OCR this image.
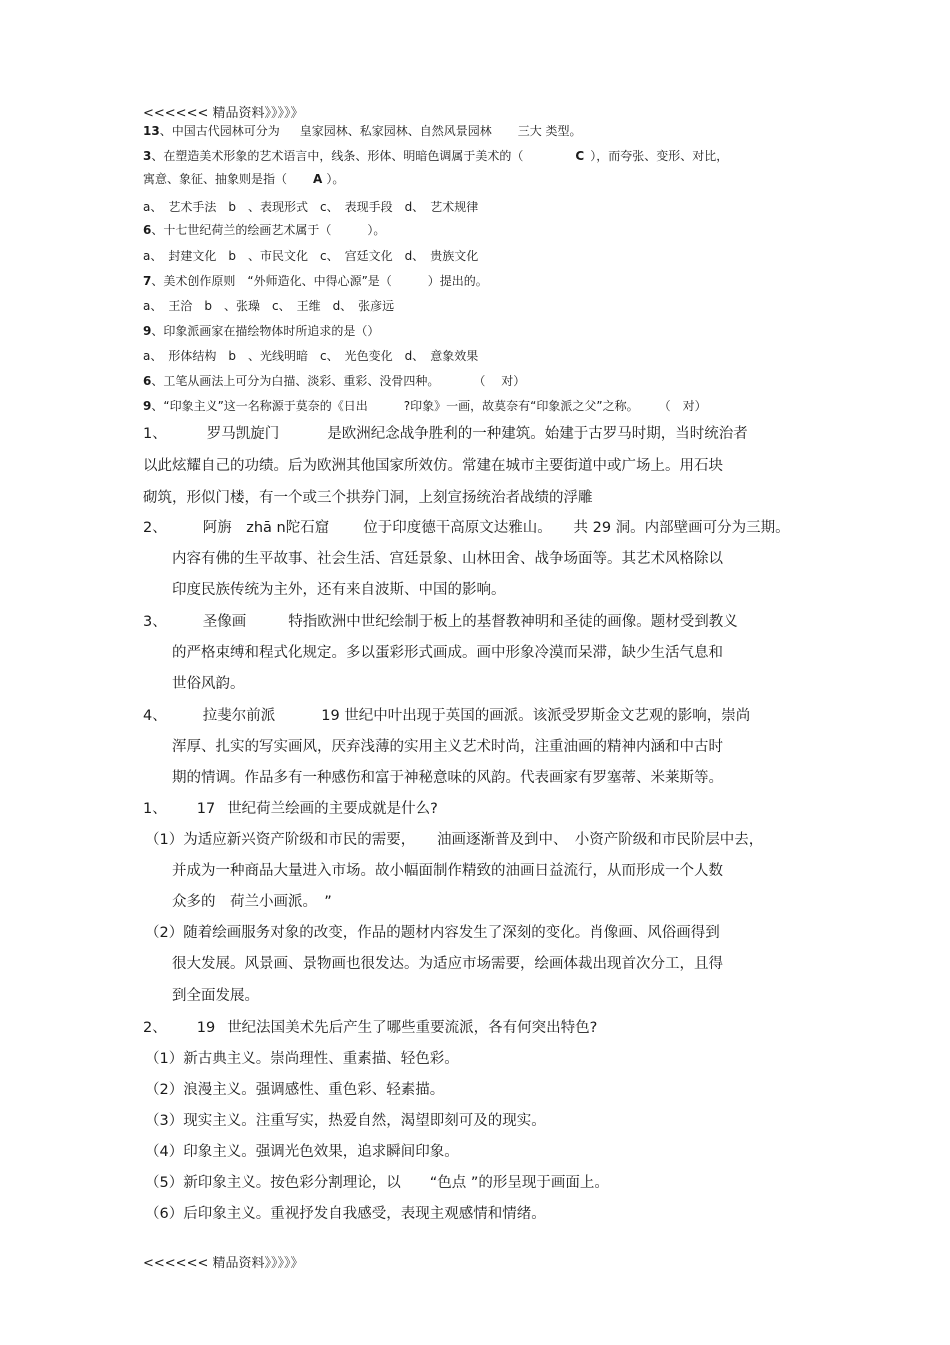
<<<<<< 精品资料》》》》》
13、中国古代园林可分为 皇家园林、私家园林、自然风景园林 三大 类型。
3、在塑造美术形象的艺术语言中，线条、形体、明暗色调属于美术的（	C ），而夸张、变形、对比，
寓意、象征、抽象则是指（ A ）。
a、　艺术手法　b　、表现形式　c、　表现手段　d、　艺术规律
6、十七世纪荷兰的绘画艺术属于（　　　）。
a、　封建文化　b　、市民文化　c、　宫廷文化　d、　贵族文化
7、美术创作原则　“外师造化、中得心源”是（　　　）提出的。
a、　王洽　b　、张璪　c、　王维　d、　张彦远
9、印象派画家在描绘物体时所追求的是（）
a、　形体结构　b　、光线明暗　c、　光色变化　d、　意象效果
6、工笔从画法上可分为白描、淡彩、重彩、没骨四种。	（　 对）
9、“印象主义”这一名称源于莫奈的《日出　　　?印象》一画，故莫奈有“印象派之父”之称。 （　对）
1、	罗马凯旋门	是欧洲纪念战争胜利的一种建筑。始建于古罗马时期，当时统治者
以此炫耀自己的功绩。后为欧洲其他国家所效仿。常建在城市主要街道中或广场上。用石块
砌筑，形似门楼，有一个或三个拱券门洞，上刻宣扬统治者战绩的浮雕
2、 阿旃　zhā n陀石窟 位于印度德干高原文达雅山。　　共 29 洞。内部壁画可分为三期。
内容有佛的生平故事、社会生活、宫廷景象、山林田舍、战争场面等。其艺术风格除以
印度民族传统为主外，还有来自波斯、中国的影响。
3、 圣像画	特指欧洲中世纪绘制于板上的基督教神明和圣徒的画像。题材受到教义
的严格束缚和程式化规定。多以蛋彩形式画成。画中形象冷漠而呆滞，缺少生活气息和
世俗风韵。
4、 拉斐尔前派	19 世纪中叶出现于英国的画派。该派受罗斯金文艺观的影响，崇尚
浑厚、扎实的写实画风，厌弃浅薄的实用主义艺术时尚，注重油画的精神内涵和中古时
期的情调。作品多有一种感伤和富于神秘意味的风韵。代表画家有罗塞蒂、米莱斯等。
1、 17 世纪荷兰绘画的主要成就是什么?
（1）为适应新兴资产阶级和市民的需要，　　油画逐渐普及到中、　小资产阶级和市民阶层中去，
并成为一种商品大量进入市场。故小幅面制作精致的油画日益流行，从而形成一个人数
众多的　荷兰小画派。　”
（2）随着绘画服务对象的改变，作品的题材内容发生了深刻的变化。肖像画、风俗画得到
很大发展。风景画、景物画也很发达。为适应市场需要，绘画体裁出现首次分工，且得
到全面发展。
2、 19 世纪法国美术先后产生了哪些重要流派，各有何突出特色?
（1）新古典主义。崇尚理性、重素描、轻色彩。
（2）浪漫主义。强调感性、重色彩、轻素描。
（3）现实主义。注重写实，热爱自然，渴望即刻可及的现实。
（4）印象主义。强调光色效果，追求瞬间印象。
（5）新印象主义。按色彩分割理论，以　　“色点 ”的形呈现于画面上。
（6）后印象主义。重视抒发自我感受，表现主观感情和情绪。
<<<<<< 精品资料》》》》》
